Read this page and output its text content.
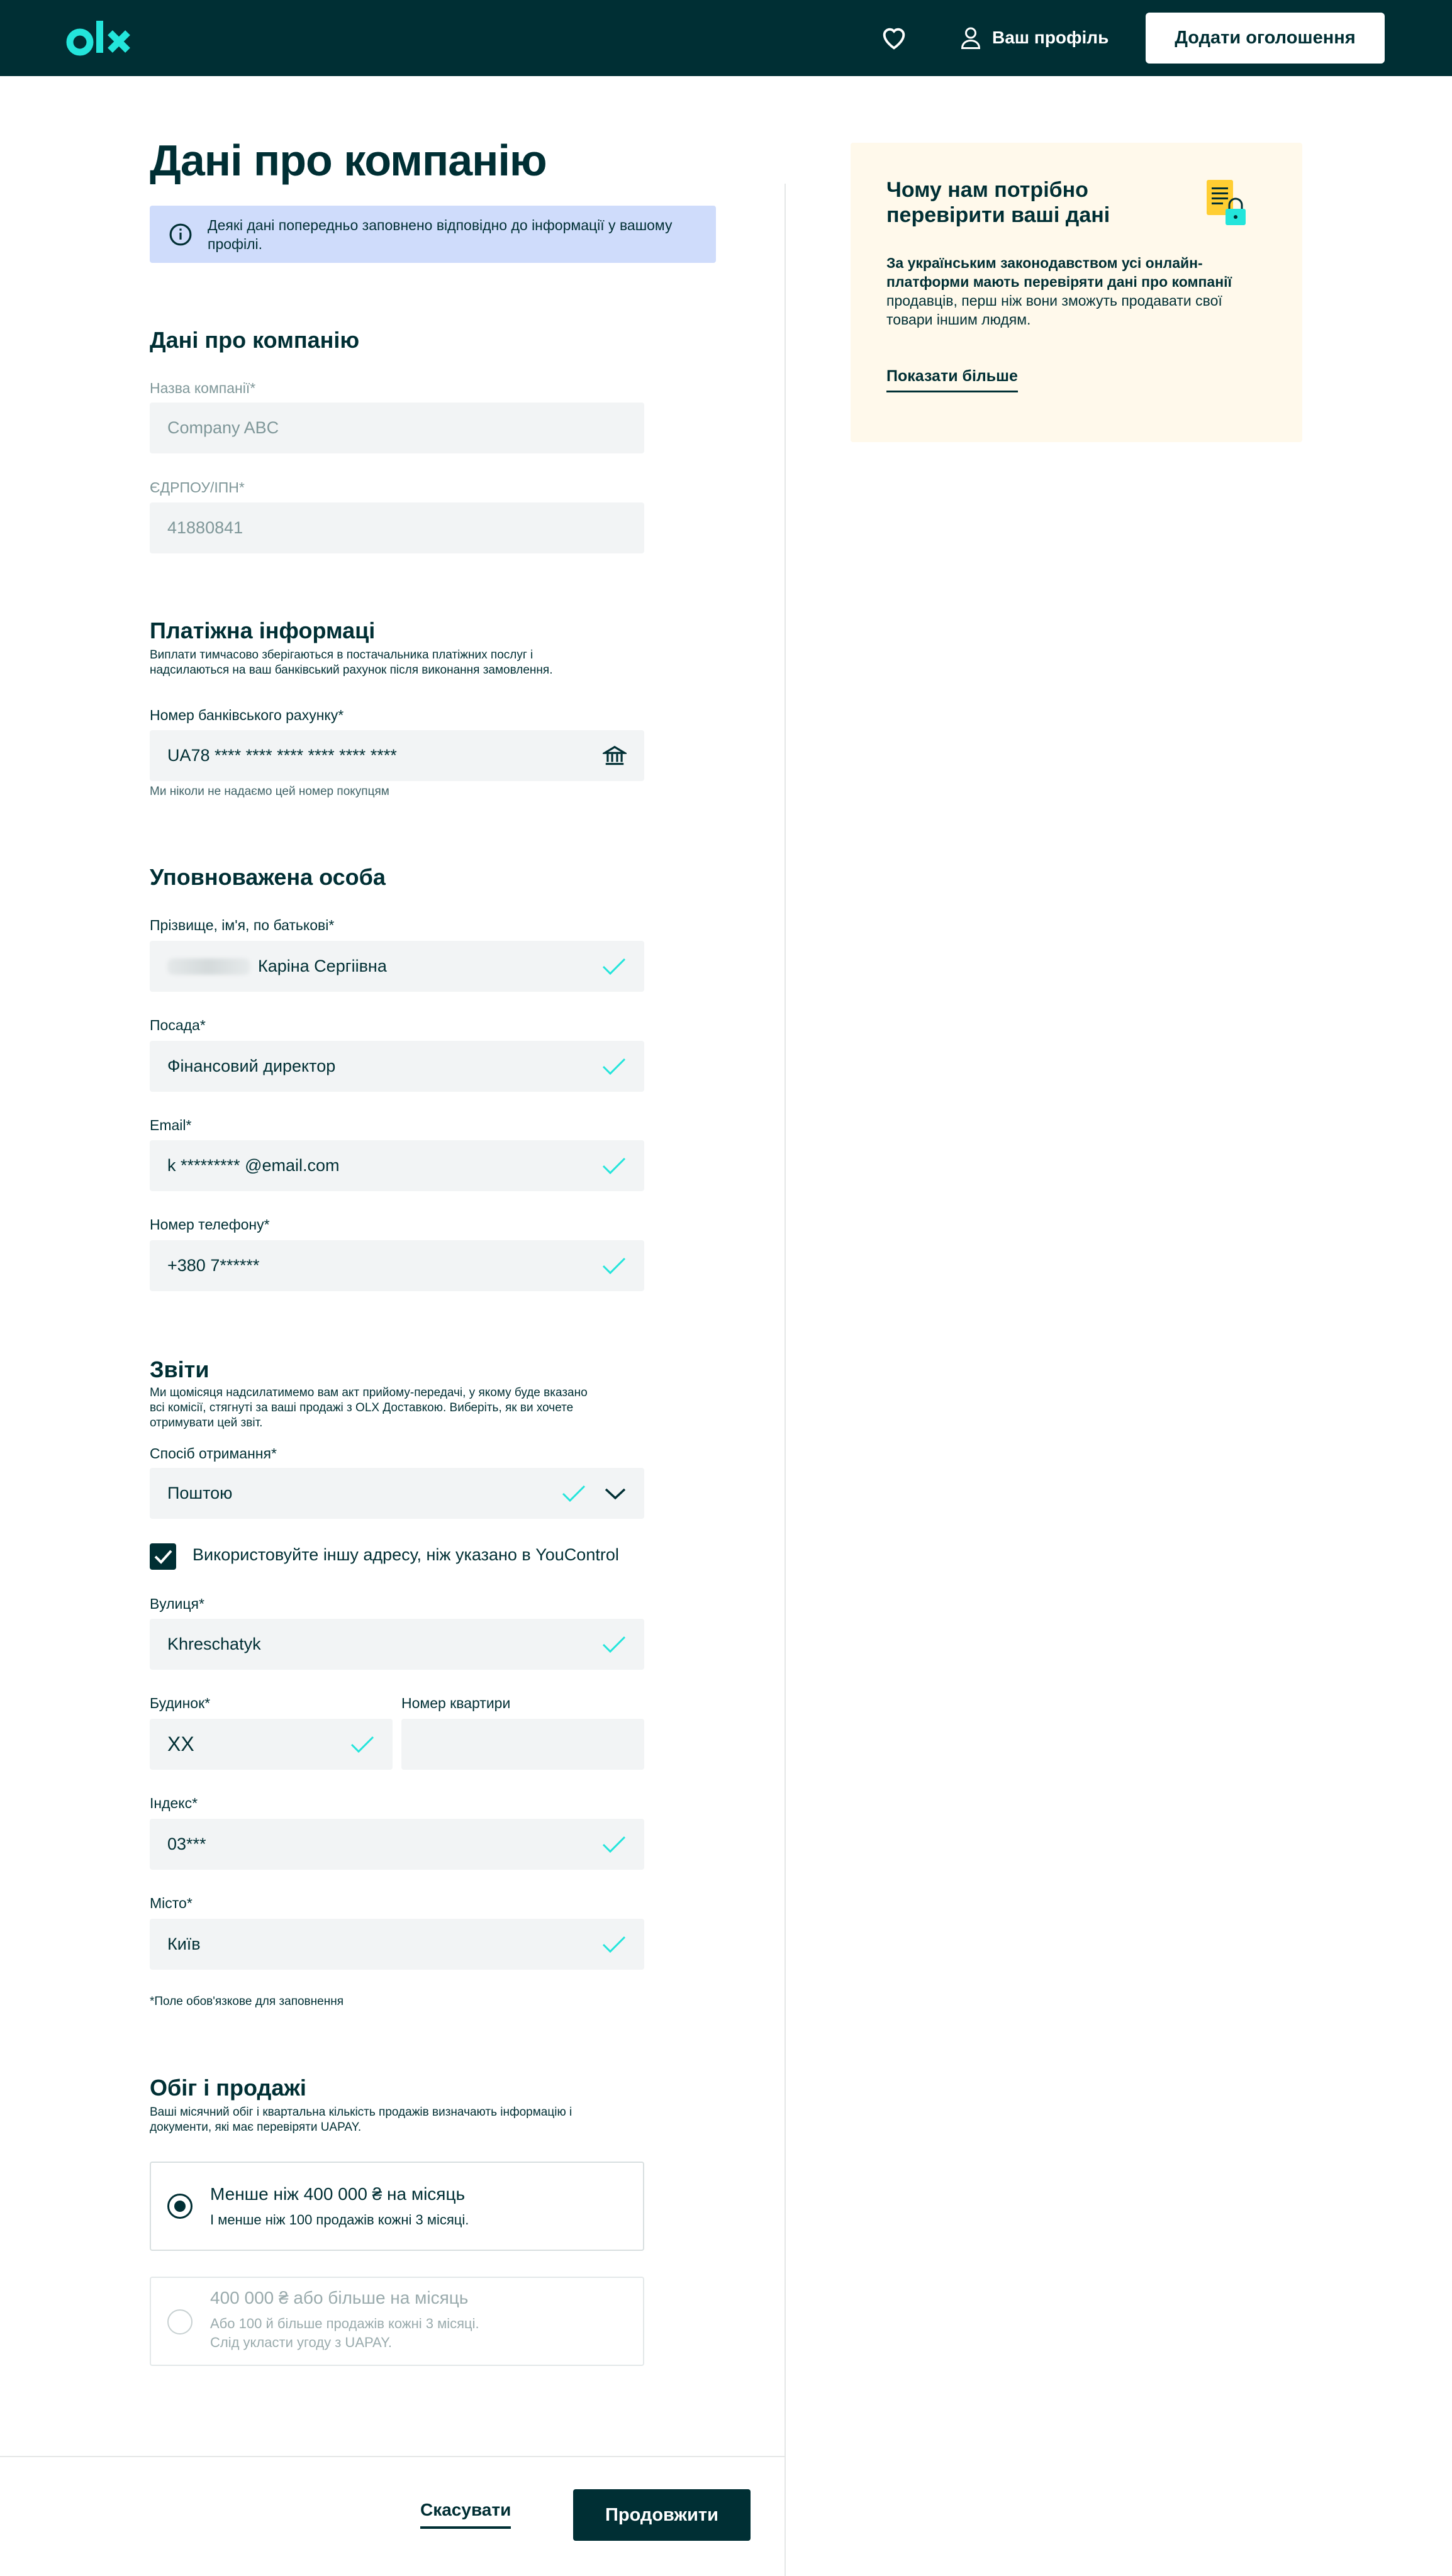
Ваш профіль	Додати оголошення
Дані про компанію
Деякі дані попередньо заповнено відповідно до інформації у вашому профілі.
Дані про компанію
Назва компанії*
Company ABC
ЄДРПОУ/ІПН*
41880841
Платіжна інформаці
Виплати тимчасово зберігаються в постачальника платіжних послуг і надсилаються на ваш банківський рахунок після виконання замовлення.
Номер банківського рахунку*
UA78 **** **** **** **** **** ****
Ми ніколи не надаємо цей номер покупцям
Уповноважена особа
Прізвище, ім'я, по батькові*
Каріна Сергіівна
Посада*
Фінансовий директор
Email*
k ********* @email.com
Номер телефону*
+380 7******
Звіти
Ми щомісяця надсилатимемо вам акт прийому-передачі, у якому буде вказано всі комісії, стягнуті за ваші продажі з OLX Доставкою. Виберіть, як ви хочете отримувати цей звіт.
Спосіб отримання*
Поштою
Використовуйте іншу адресу, ніж указано в YouControl
Вулиця*
Khreschatyk
Будинок*
XX
Номер квартири
Індекс*
03***
Місто*
Київ
*Поле обов'язкове для заповнення
Обіг і продажі
Ваші місячний обіг і квартальна кількість продажів визначають інформацію і документи, які має перевіряти UAPAY.
Менше ніж 400 000 ₴ на місяць
І менше ніж 100 продажів кожні 3 місяці.
400 000 ₴ або більше на місяць
Або 100 й більше продажів кожні 3 місяці.
Слід укласти угоду з UAPAY.
Скасувати	Продовжити
Чому нам потрібно перевірити ваші дані
За українським законодавством усі онлайн-платформи мають перевіряти дані про компанії продавців, перш ніж вони зможуть продавати свої товари іншим людям.
Показати більше
